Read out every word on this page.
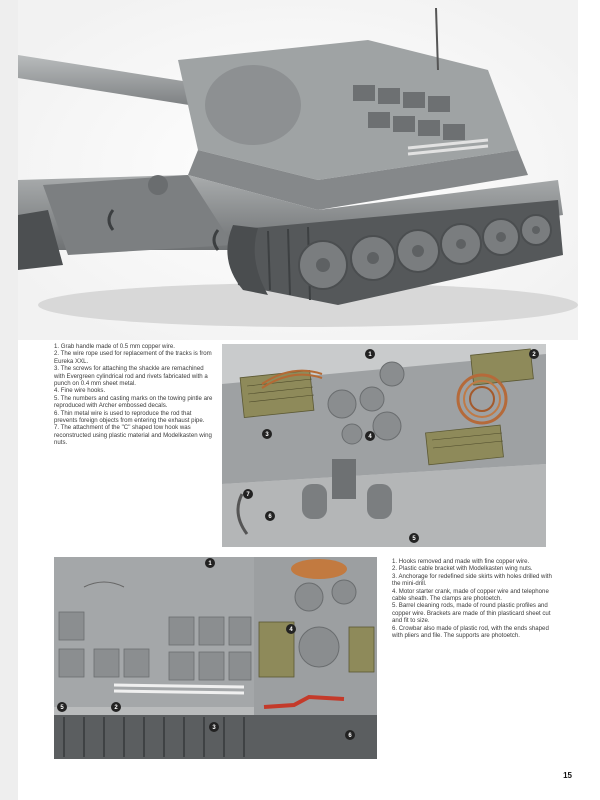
1. Grab handle made of 0.5 mm copper wire.

2. The wire rope used for replacement of the tracks is from Eureka XXL.

3. The screws for attaching the shackle are remachined with Evergreen cylindrical rod and rivets fabricated with a punch on 0.4 mm sheet metal.

4. Fine wire hooks.

5. The numbers and casting marks on the towing pintle are reproduced with Archer embossed decals.

6. Thin metal wire is used to reproduce the rod that prevents foreign objects from entering the exhaust pipe.

7. The attachment of the "C" shaped tow hook was reconstructed using plastic material and Modelkasten wing nuts.

1	2
3	4
5
6
7
1
2
3
4
5
6

1. Hooks removed and made with fine copper wire.

2. Plastic cable bracket with Modelkasten wing nuts.

3. Anchorage for redefined side skirts with holes drilled with the mini-drill.

4. Motor starter crank, made of copper wire and telephone cable sheath. The clamps are photoetch.

5. Barrel cleaning rods, made of round plastic profiles and copper wire. Brackets are made of thin plasticard sheet cut and fit to size.

6. Crowbar also made of plastic rod, with the ends shaped with pliers and file. The supports are photoetch.

15
